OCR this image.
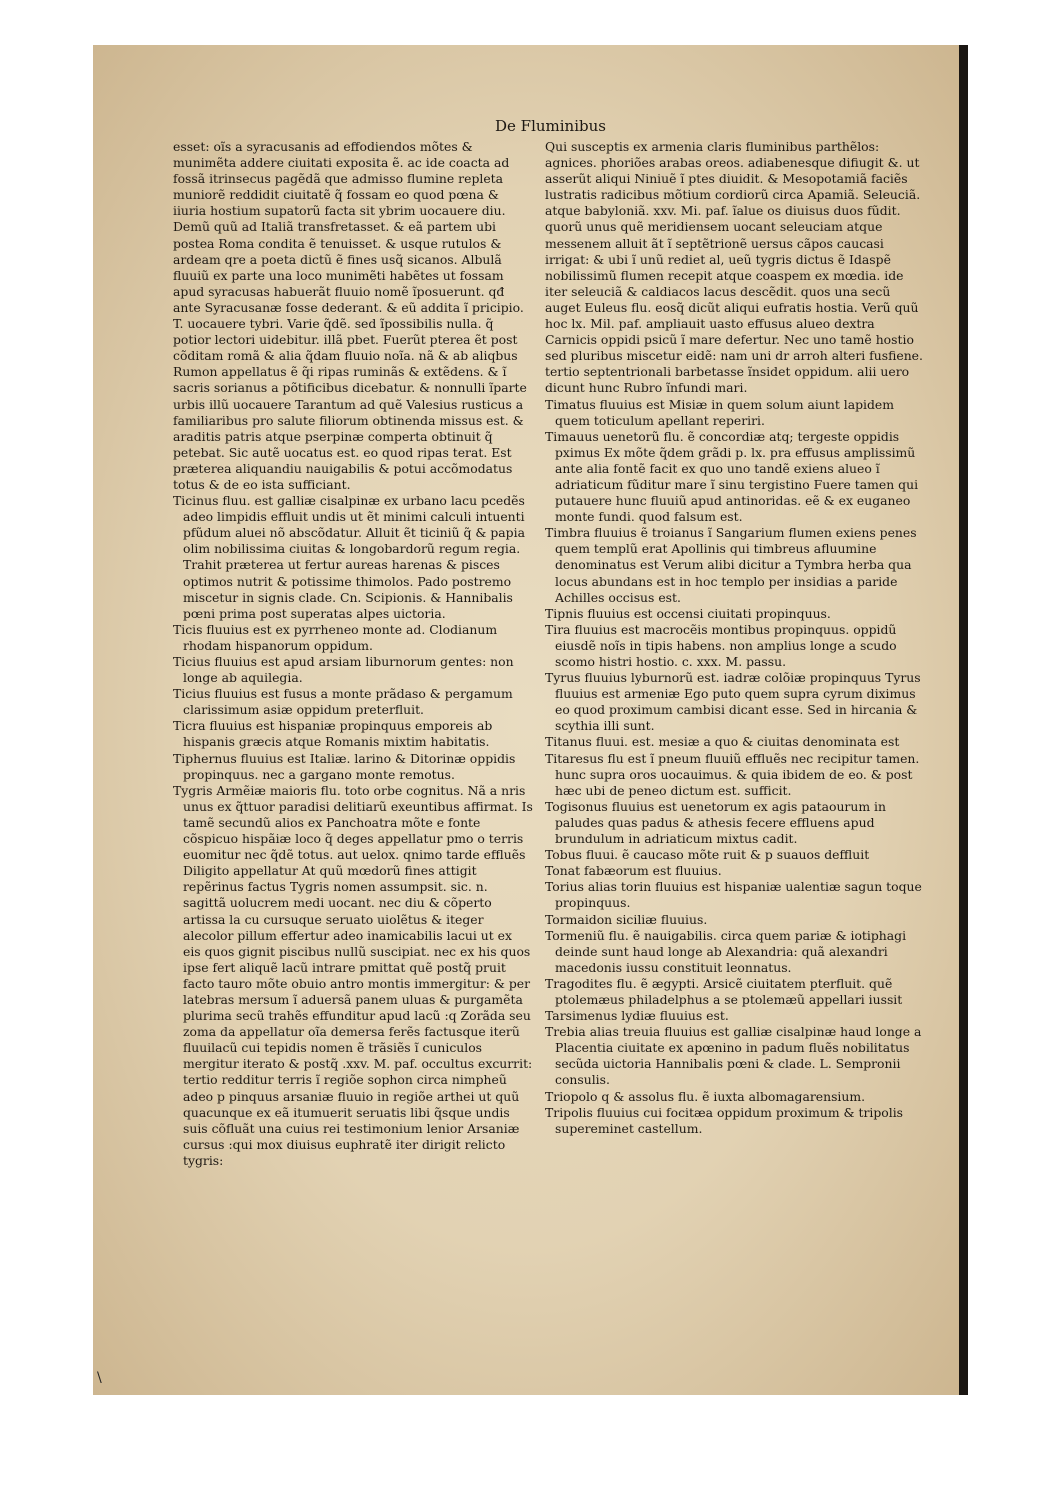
De Fluminibus

esset: oĩs a syracusanis ad effodiendos mõtes & munimẽta addere ciuitati exposita ẽ. ac ide coacta ad fossã itrinsecus pagẽdã que admisso flumine repleta muniorẽ reddidit ciuitatẽ q̃ fossam eo quod pœna & iiuria hostium supatorũ facta sit ybrim uocauere diu. Demũ quũ ad Italiã transfretasset. & eã partem ubi postea Roma condita ẽ tenuisset. & usque rutulos & ardeam qre a poeta dictũ ẽ fines usq̃ sicanos. Albulã fluuiũ ex parte una loco munimẽti habẽtes ut fossam apud syracusas habuerãt fluuio nomẽ ĩposuerunt. qđ ante Syracusanæ fosse dederant. & eũ addita ĩ pricipio. T. uocauere tybri. Varie q̃dẽ. sed ĩpossibilis nulla. q̃ potior lectori uidebitur. illã pbet. Fuerũt pterea ẽt post cõditam romã & alia q̃dam fluuio noĩa. nã & ab aliqbus Rumon appellatus ẽ q̃i ripas ruminãs & extẽdens. & ĩ sacris sorianus a põtificibus dicebatur. & nonnulli ĩparte urbis illũ uocauere Tarantum ad quẽ Valesius rusticus a familiaribus pro salute filiorum obtinenda missus est. & araditis patris atque pserpinæ comperta obtinuit q̃ petebat. Sic autẽ uocatus est. eo quod ripas terat. Est præterea aliquandiu nauigabilis & potui accõmodatus totus & de eo ista sufficiant.

Ticinus fluu. est galliæ cisalpinæ ex urbano lacu pcedẽs adeo limpidis effluit undis ut ẽt minimi calculi intuenti pfũdum aluei nõ abscõdatur. Alluit ẽt ticiniũ q̃ & papia olim nobilissima ciuitas & longobardorũ regum regia. Trahit præterea ut fertur aureas harenas & pisces optimos nutrit & potissime thimolos. Pado postremo miscetur in signis clade. Cn. Scipionis. & Hannibalis pœni prima post superatas alpes uictoria.

Ticis fluuius est ex pyrrheneo monte ad. Clodianum rhodam hispanorum oppidum.

Ticius fluuius est apud arsiam liburnorum gentes: non longe ab aquilegia.

Ticius fluuius est fusus a monte prãdaso & pergamum clarissimum asiæ oppidum preterfluit.

Ticra fluuius est hispaniæ propinquus emporeis ab hispanis græcis atque Romanis mixtim habitatis.

Tiphernus fluuius est Italiæ. larino & Ditorinæ oppidis propinquus. nec a gargano monte remotus.

Tygris Armẽiæ maioris flu. toto orbe cognitus. Nã a nris unus ex q̃ttuor paradisi delitiarũ exeuntibus affirmat. Is tamẽ secundũ alios ex Panchoatra mõte e fonte cõspicuo hispãiæ loco q̃ deges appellatur pmo o terris euomitur nec q̃dẽ totus. aut uelox. qnimo tarde effluẽs Diligito appellatur At quũ mœdorũ fines attigit repẽrinus factus Tygris nomen assumpsit. sic. n. sagittã uolucrem medi uocant. nec diu & cõperto artissa la cu cursuque seruato uiolẽtus & iteger alecolor pillum effertur adeo inamicabilis lacui ut ex eis quos gignit piscibus nullũ suscipiat. nec ex his quos ipse fert aliquẽ lacũ intrare pmittat quẽ postq̃ pruit facto tauro mõte obuio antro montis immergitur: & per latebras mersum ĩ aduersã panem uluas & purgamẽta plurima secũ trahẽs effunditur apud lacũ :q Zorãda seu zoma da appellatur oĩa demersa ferẽs factusque iterũ fluuilacũ cui tepidis nomen ẽ trãsiẽs ĩ cuniculos mergitur iterato & postq̃ .xxv. M. paf. occultus excurrit: tertio redditur terris ĩ regiõe sophon circa nimpheũ adeo p pinquus arsaniæ fluuio in regiõe arthei ut quũ quacunque ex eã itumuerit seruatis libi q̃sque undis suis cõfluãt una cuius rei testimonium lenior Arsaniæ cursus :qui mox diuisus euphratẽ iter dirigit relicto tygris:

Qui susceptis ex armenia claris fluminibus parthẽlos: agnices. phoriões arabas oreos. adiabenesque difiugit &. ut asserũt aliqui Niniuẽ ĩ ptes diuidit. & Mesopotamiã faciẽs lustratis radicibus mõtium cordiorũ circa Apamiã. Seleuciã. atque babyloniã. xxv. Mi. paf. ĩalue os diuisus duos fũdit. quorũ unus quẽ meridiensem uocant seleuciam atque messenem alluit ãt ĩ septẽtrionẽ uersus cãpos caucasi irrigat: & ubi ĩ unũ rediet al, ueũ tygris dictus ẽ Idaspẽ nobilissimũ flumen recepit atque coaspem ex mœdia. ide iter seleuciã & caldiacos lacus descẽdit. quos una secũ auget Euleus flu. eosq̃ dicũt aliqui eufratis hostia. Verũ quũ hoc lx. Mil. paf. ampliauit uasto effusus alueo dextra Carnicis oppidi psicũ ĩ mare defertur. Nec uno tamẽ hostio sed pluribus miscetur eidẽ: nam uni dr arroh alteri fusfiene. tertio septentrionali barbetasse ĩnsidet oppidum. alii uero dicunt hunc Rubro ĩnfundi mari.

Timatus fluuius est Misiæ in quem solum aiunt lapidem quem toticulum apellant reperiri.

Timauus uenetorũ flu. ẽ concordiæ atq; tergeste oppidis pximus Ex mõte q̃dem grãdi p. lx. pra effusus amplissimũ ante alia fontẽ facit ex quo uno tandẽ exiens alueo ĩ adriaticum fũditur mare ĩ sinu tergistino Fuere tamen qui putauere hunc fluuiũ apud antinoridas. eẽ & ex euganeo monte fundi. quod falsum est.

Timbra fluuius ẽ troianus ĩ Sangarium flumen exiens penes quem templũ erat Apollinis qui timbreus afluumine denominatus est Verum alibi dicitur a Tymbra herba qua locus abundans est in hoc templo per insidias a paride Achilles occisus est.

Tipnis fluuius est occensi ciuitati propinquus.

Tira fluuius est macrocẽis montibus propinquus. oppidũ eiusdẽ noĩs in tipis habens. non amplius longe a scudo scomo histri hostio. c. xxx. M. passu.

Tyrus fluuius lyburnorũ est. iadræ colõiæ propinquus Tyrus fluuius est armeniæ Ego puto quem supra cyrum diximus eo quod proximum cambisi dicant esse. Sed in hircania & scythia illi sunt.

Titanus fluui. est. mesiæ a quo & ciuitas denominata est

Titaresus flu est ĩ pneum fluuiũ effluẽs nec recipitur tamen. hunc supra oros uocauimus. & quia ibidem de eo. & post hæc ubi de peneo dictum est. sufficit.

Togisonus fluuius est uenetorum ex agis pataourum in paludes quas padus & athesis fecere effluens apud brundulum in adriaticum mixtus cadit.

Tobus fluui. ẽ caucaso mõte ruit & p suauos deffluit

Tonat fabæorum est fluuius.

Torius alias torin fluuius est hispaniæ ualentiæ sagun toque propinquus.

Tormaidon siciliæ fluuius.

Tormeniũ flu. ẽ nauigabilis. circa quem pariæ & iotiphagi deinde sunt haud longe ab Alexandria: quã alexandri macedonis iussu constituit leonnatus.

Tragodites flu. ẽ ægypti. Arsicẽ ciuitatem pterfluit. quẽ ptolemæus philadelphus a se ptolemæũ appellari iussit

Tarsimenus lydiæ fluuius est.

Trebia alias treuia fluuius est galliæ cisalpinæ haud longe a Placentia ciuitate ex apœnino in padum fluẽs nobilitatus secũda uictoria Hannibalis pœni & clade. L. Sempronii consulis.

Triopolo q & assolus flu. ẽ iuxta albomagarensium.

Tripolis fluuius cui focitæa oppidum proximum & tripolis supereminet castellum.

\
